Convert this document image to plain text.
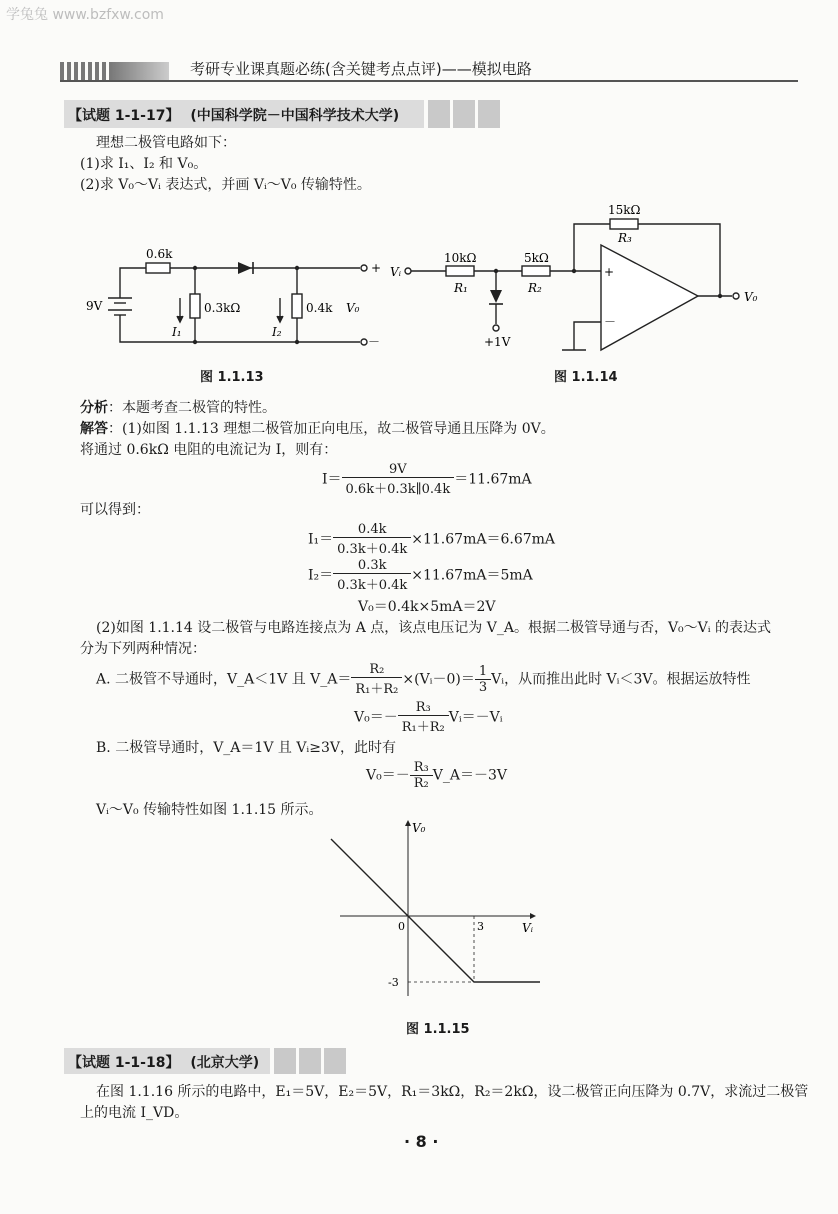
学兔兔 www.bzfxw.com
考研专业课真题必练(含关键考点点评)——模拟电路
【试题 1-1-17】 (中国科学院－中国科学技术大学)
理想二极管电路如下：
(1)求 I₁、I₂ 和 V₀。
(2)求 V₀～Vᵢ 表达式，并画 Vᵢ～V₀ 传输特性。
0.6k
9V	0.3kΩ	0.4k
I₁	I₂
V₀
+
－
图 1.1.13
Vᵢ
10kΩ
R₁
5kΩ
R₂
15kΩ
R₃
+1V
+
－
V₀
图 1.1.14
分析：本题考查二极管的特性。
解答：(1)如图 1.1.13 理想二极管加正向电压，故二极管导通且压降为 0V。
将通过 0.6kΩ 电阻的电流记为 I，则有：
$I= \frac{9V}{0.6k+0.3k\parallel 0.4k} =11.67mA$
可以得到：
$I_1= \frac{0.4k}{0.3k+0.4k} \times 11.67mA=6.67mA$
$I_2= \frac{0.3k}{0.3k+0.4k} \times 11.67mA=5mA$
V₀＝0.4k×5mA＝2V
(2)如图 1.1.14 设二极管与电路连接点为 A 点，该点电压记为 V_A。根据二极管导通与否，V₀～Vᵢ 的表达式
分为下列两种情况：
A. 二极管不导通时，V_A＜1V 且 V_A＝ $\frac{\text{R₂}}{\text{R₁＋R₂}}$ ×(Vᵢ－0)＝ $\frac{1}{3}$ Vᵢ，从而推出此时 Vᵢ＜3V。根据运放特性
$V_0=- \frac{\text{R₃}}{\text{R₁＋R₂}}$ Vᵢ＝－Vᵢ
B. 二极管导通时，V_A＝1V 且 Vᵢ≥3V，此时有
$V_0=- \frac{\text{R₃}}{\text{R₂}}$ V_A＝－3V
Vᵢ～V₀ 传输特性如图 1.1.15 所示。
V₀
Vᵢ
0	3
-3
图 1.1.15
【试题 1-1-18】 (北京大学)
在图 1.1.16 所示的电路中，E₁＝5V，E₂＝5V，R₁＝3kΩ，R₂＝2kΩ，设二极管正向压降为 0.7V，求流过二极管
上的电流 I_VD。
· 8 ·
